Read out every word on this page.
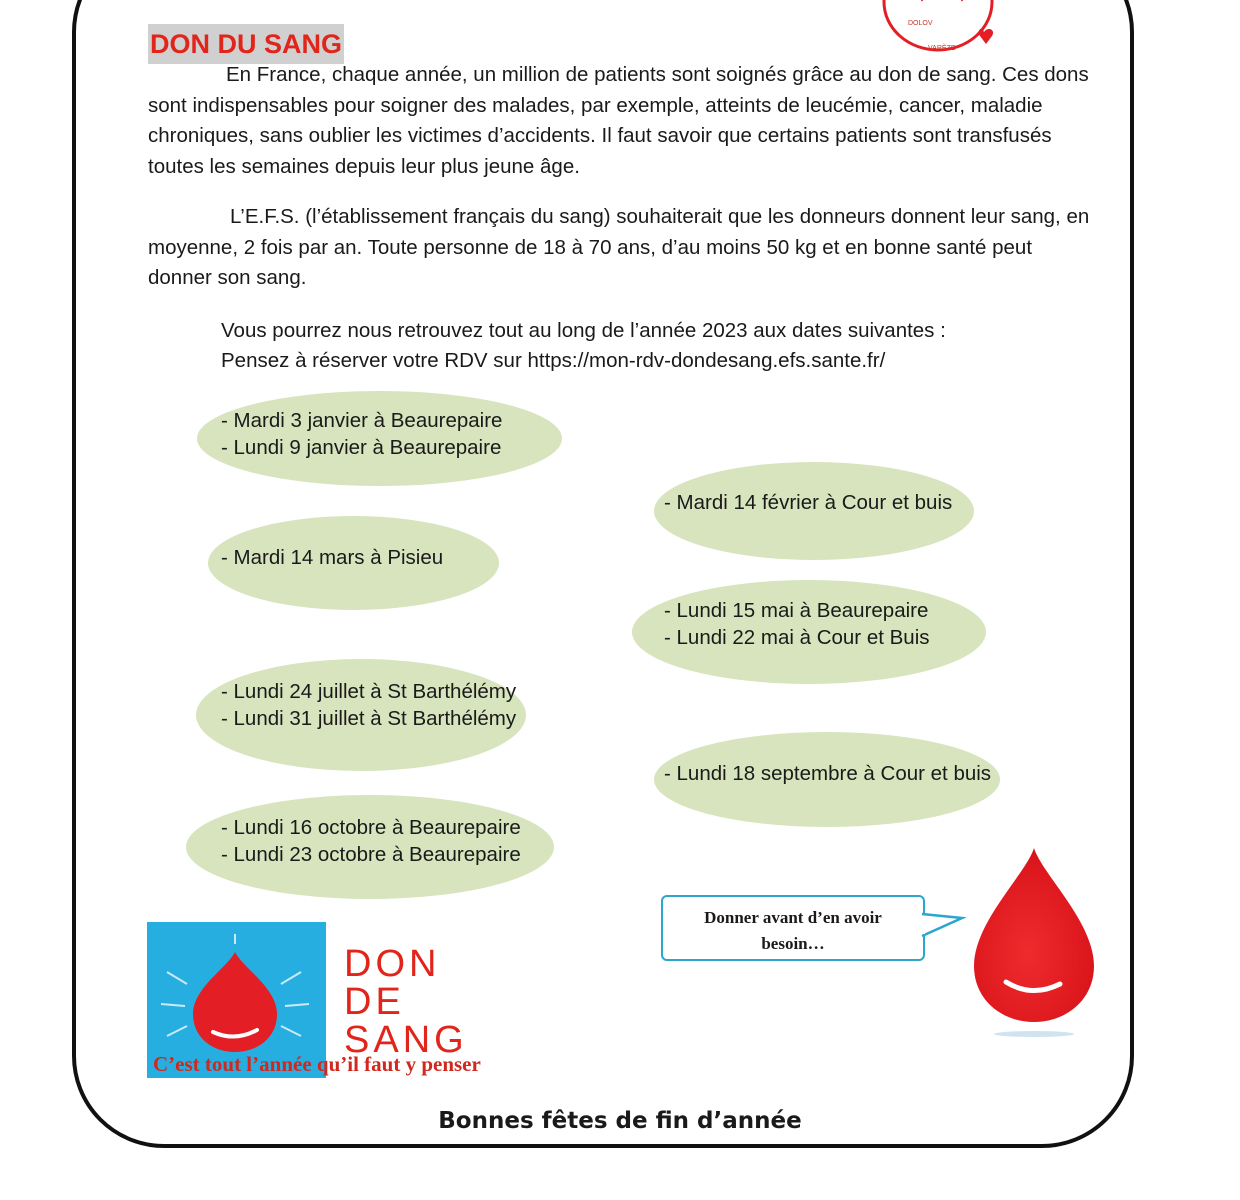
DOLOV
VARÈZE
DON DU SANG

En France, chaque année, un million de patients sont soignés grâce au don de sang. Ces dons sont indispensables pour soigner des malades, par exemple, atteints de leucémie, cancer, maladie chroniques, sans oublier les victimes d’accidents. Il faut savoir que certains patients sont transfusés toutes les semaines depuis leur plus jeune âge.

L’E.F.S. (l’établissement français du sang) souhaiterait que les donneurs donnent leur sang, en moyenne, 2 fois par an. Toute personne de 18 à 70 ans, d’au moins 50 kg et en bonne santé peut donner son sang.

Vous pourrez nous retrouvez tout au long de l’année 2023 aux dates suivantes :
Pensez à réserver votre RDV sur https://mon-rdv-dondesang.efs.sante.fr/
- Mardi 3 janvier à Beaurepaire
- Lundi 9 janvier à Beaurepaire
- Mardi 14 février à Cour et buis
- Mardi 14 mars à Pisieu
- Lundi 15 mai à Beaurepaire
- Lundi 22 mai à Cour et Buis
- Lundi 24 juillet à St Barthélémy
- Lundi 31 juillet à St Barthélémy
- Lundi 18 septembre à Cour et buis
- Lundi 16 octobre à Beaurepaire
- Lundi 23 octobre à Beaurepaire
DON
DE
SANG
C’est tout l’année qu’il faut y penser
Donner avant d’en avoir
besoin…
Bonnes fêtes de fin d’année
